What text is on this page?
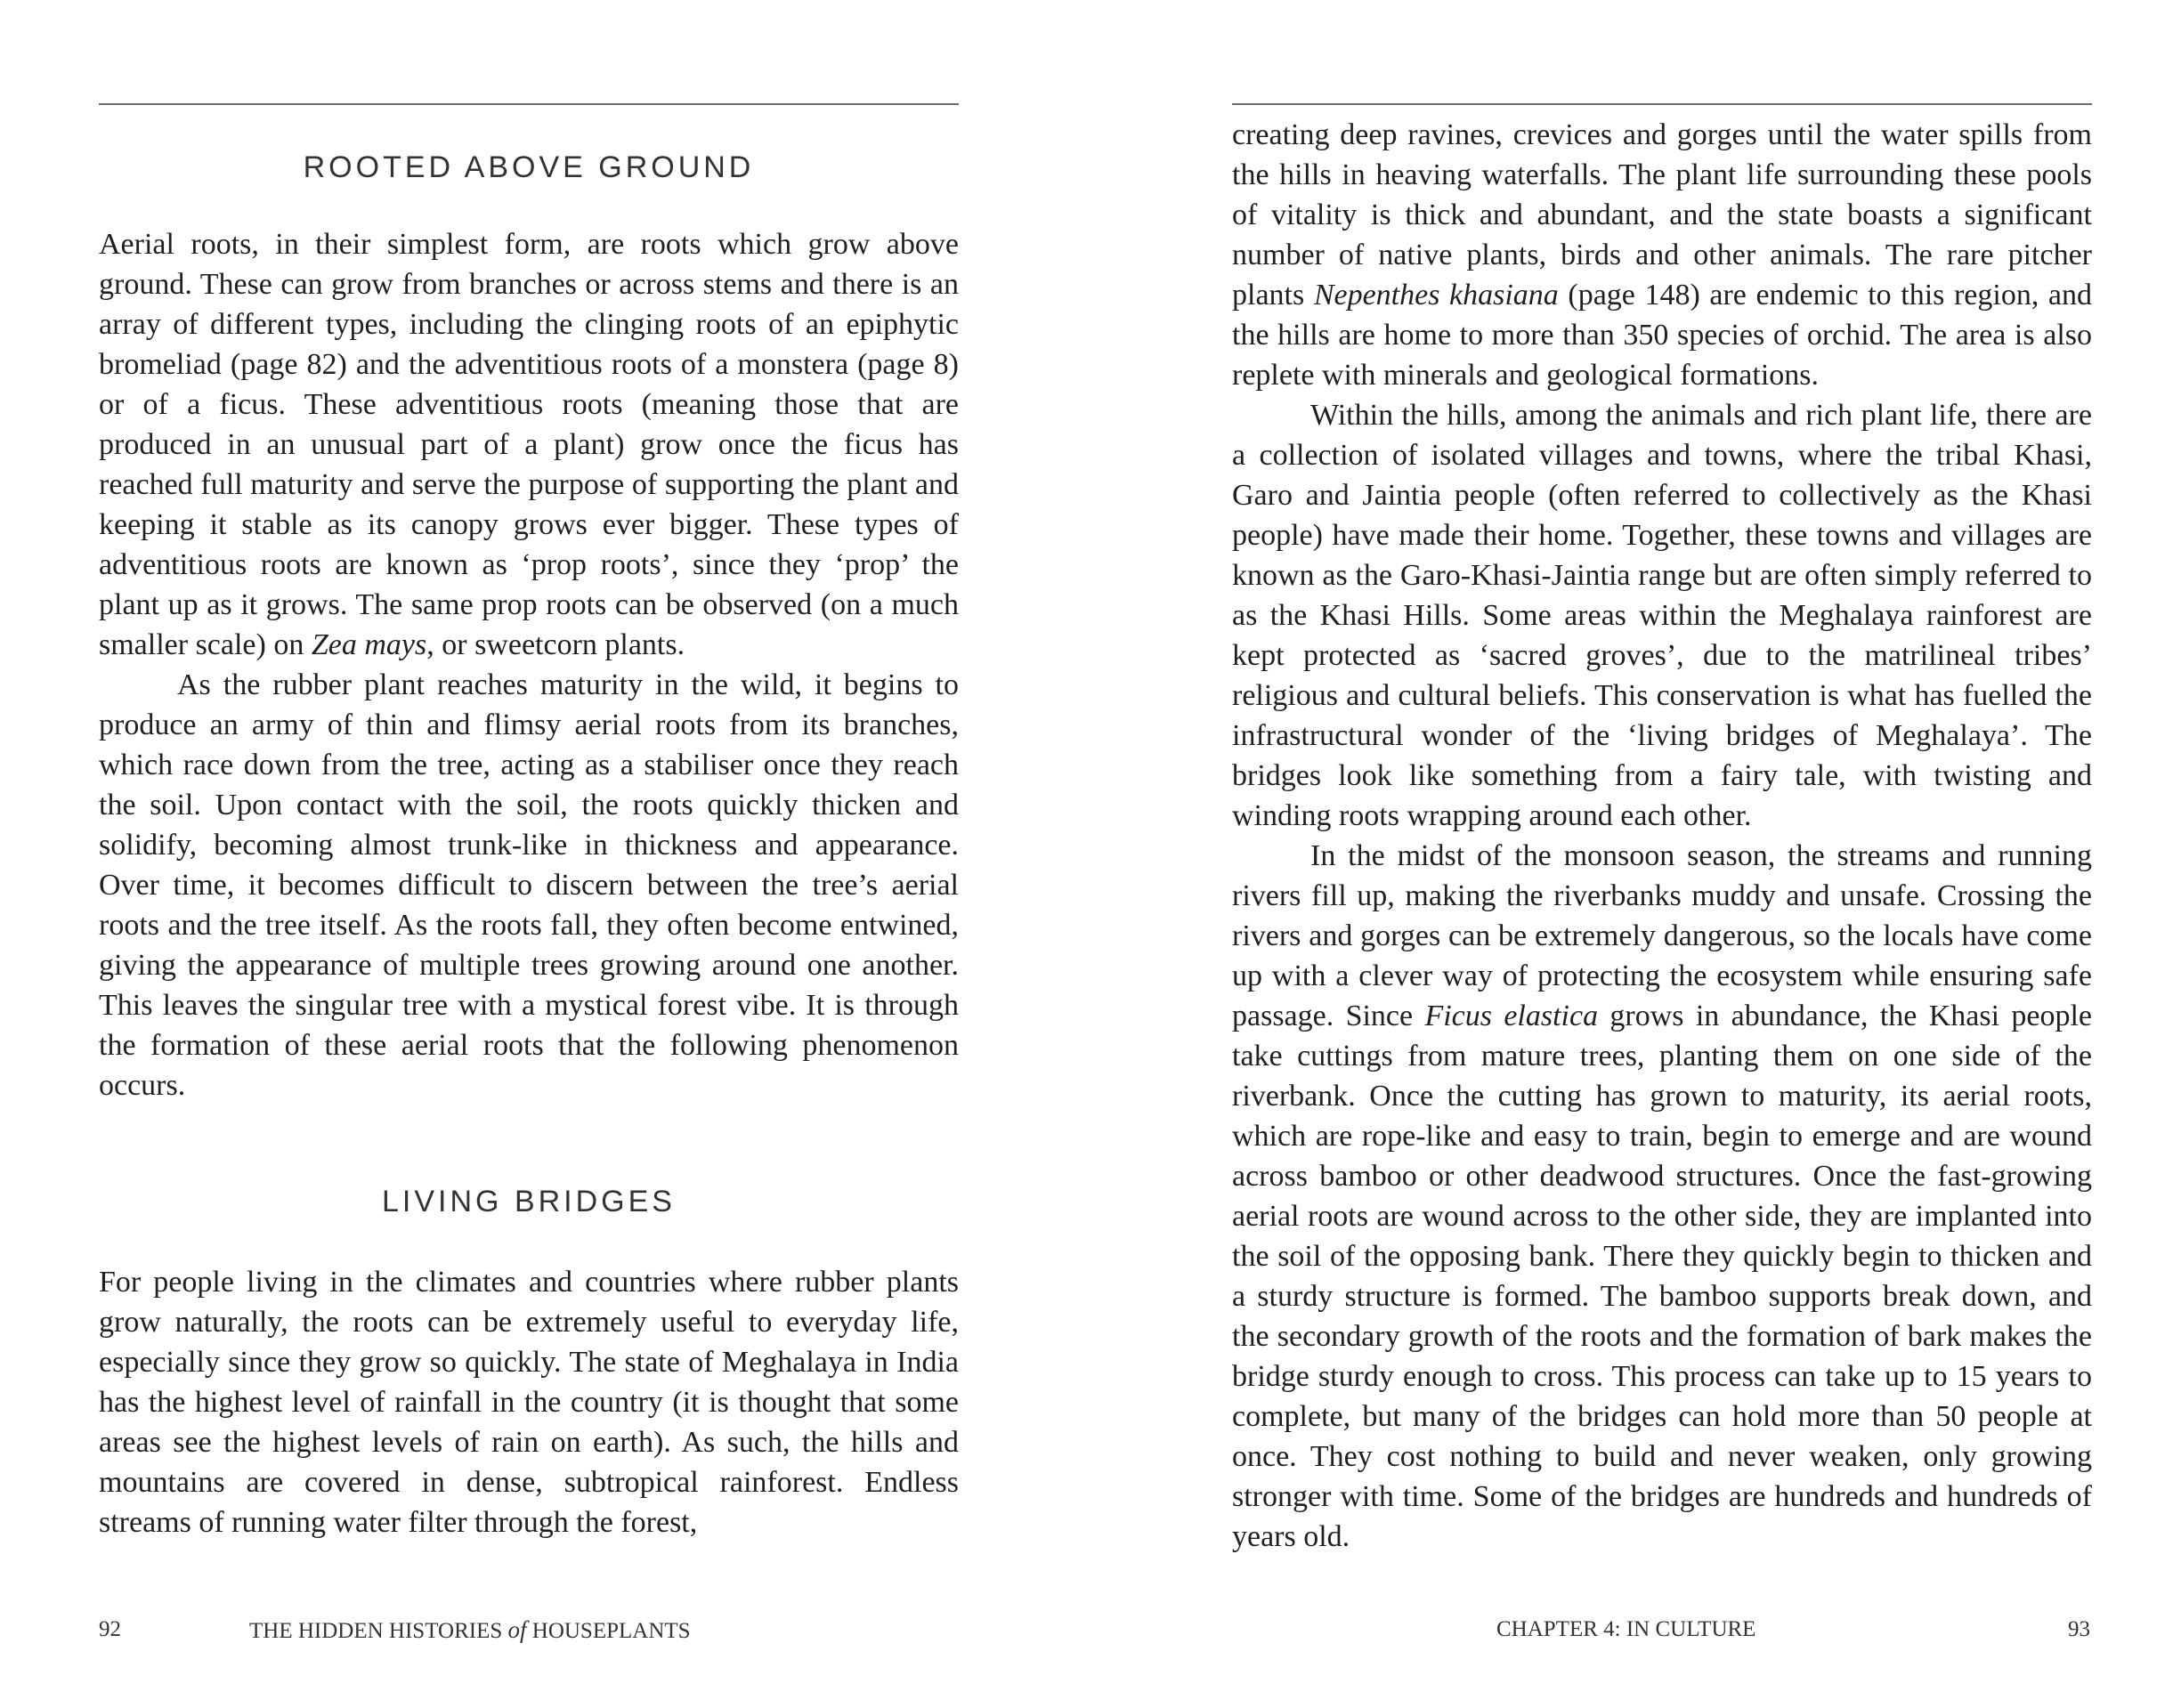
ROOTED ABOVE GROUND

Aerial roots, in their simplest form, are roots which grow above ground. These can grow from branches or across stems and there is an array of different types, including the clinging roots of an epiphytic bromeliad (page 82) and the adventitious roots of a monstera (page 8) or of a ficus. These adventitious roots (meaning those that are produced in an unusual part of a plant) grow once the ficus has reached full maturity and serve the purpose of supporting the plant and keeping it stable as its canopy grows ever bigger. These types of adventitious roots are known as ‘prop roots’, since they ‘prop’ the plant up as it grows. The same prop roots can be observed (on a much smaller scale) on Zea mays, or sweetcorn plants.

As the rubber plant reaches maturity in the wild, it begins to produce an army of thin and flimsy aerial roots from its branches, which race down from the tree, acting as a stabiliser once they reach the soil. Upon contact with the soil, the roots quickly thicken and solidify, becoming almost trunk-like in thickness and appearance. Over time, it becomes difficult to discern between the tree’s aerial roots and the tree itself. As the roots fall, they often become entwined, giving the appearance of multiple trees growing around one another. This leaves the singular tree with a mystical forest vibe. It is through the formation of these aerial roots that the following phenomenon occurs.

LIVING BRIDGES

For people living in the climates and countries where rubber plants grow naturally, the roots can be extremely useful to everyday life, especially since they grow so quickly. The state of Meghalaya in India has the highest level of rainfall in the country (it is thought that some areas see the highest levels of rain on earth). As such, the hills and mountains are covered in dense, subtropical rainforest. Endless streams of running water filter through the forest,

92	THE HIDDEN HISTORIES of HOUSEPLANTS

creating deep ravines, crevices and gorges until the water spills from the hills in heaving waterfalls. The plant life surrounding these pools of vitality is thick and abundant, and the state boasts a significant number of native plants, birds and other animals. The rare pitcher plants Nepenthes khasiana (page 148) are endemic to this region, and the hills are home to more than 350 species of orchid. The area is also replete with minerals and geological formations.

Within the hills, among the animals and rich plant life, there are a collection of isolated villages and towns, where the tribal Khasi, Garo and Jaintia people (often referred to collectively as the Khasi people) have made their home. Together, these towns and villages are known as the Garo-Khasi-Jaintia range but are often simply referred to as the Khasi Hills. Some areas within the Meghalaya rainforest are kept protected as ‘sacred groves’, due to the matrilineal tribes’ religious and cultural beliefs. This conservation is what has fuelled the infrastructural wonder of the ‘living bridges of Meghalaya’. The bridges look like something from a fairy tale, with twisting and winding roots wrapping around each other.

In the midst of the monsoon season, the streams and running rivers fill up, making the riverbanks muddy and unsafe. Crossing the rivers and gorges can be extremely dangerous, so the locals have come up with a clever way of protecting the ecosystem while ensuring safe passage. Since Ficus elastica grows in abundance, the Khasi people take cuttings from mature trees, planting them on one side of the riverbank. Once the cutting has grown to maturity, its aerial roots, which are rope-like and easy to train, begin to emerge and are wound across bamboo or other deadwood structures. Once the fast-growing aerial roots are wound across to the other side, they are implanted into the soil of the opposing bank. There they quickly begin to thicken and a sturdy structure is formed. The bamboo supports break down, and the secondary growth of the roots and the formation of bark makes the bridge sturdy enough to cross. This process can take up to 15 years to complete, but many of the bridges can hold more than 50 people at once. They cost nothing to build and never weaken, only growing stronger with time. Some of the bridges are hundreds and hundreds of years old.

CHAPTER 4: IN CULTURE	93
